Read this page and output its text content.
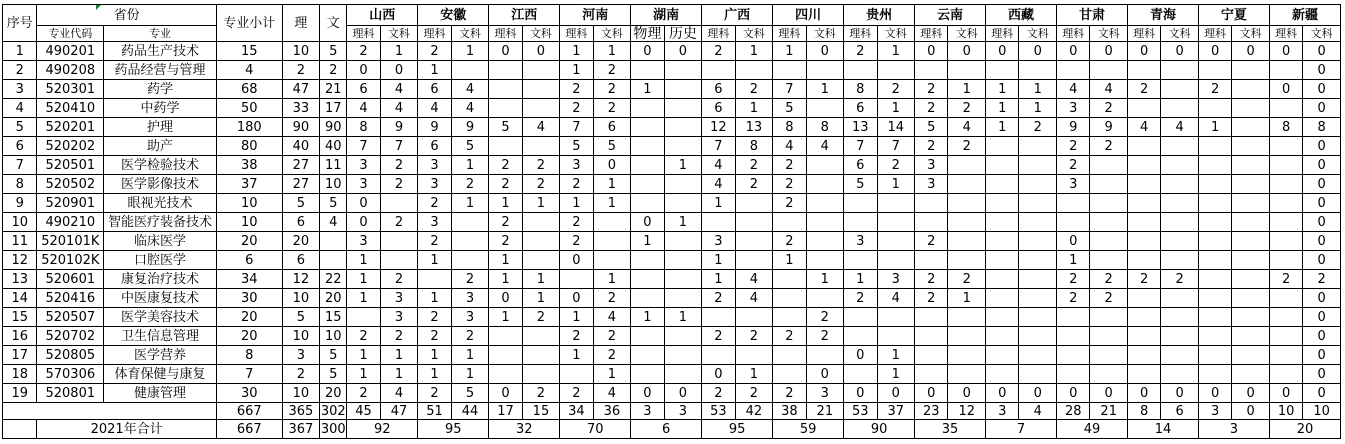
序号	省份		专业小计	理	文	山西		安徽		江西		河南		湖南		广西		四川		贵州		云南		西藏		甘肃		青海		宁夏		新疆	
	专业代码	专业				理科	文科	理科	文科	理科	文科	理科	文科	物理	历史	理科	文科	理科	文科	理科	文科	理科	文科	理科	文科	理科	文科	理科	文科	理科	文科	理科	文科
1	490201	药品生产技术	15	10	5	2	1	2	1	0	0	1	1	0	0	2	1	1	0	2	1	0	0	0	0	0	0	0	0	0	0	0	0
2	490208	药品经营与管理	4	2	2	0	0	1				1	2																				0
3	520301	药学	68	47	21	6	4	6	4			2	2	1		6	2	7	1	8	2	2	1	1	1	4	4	2		2		0	0
4	520410	中药学	50	33	17	4	4	4	4			2	2			6	1	5		6	1	2	2	1	1	3	2						0
5	520201	护理	180	90	90	8	9	9	9	5	4	7	6			12	13	8	8	13	14	5	4	1	2	9	9	4	4	1		8	8
6	520202	助产	80	40	40	7	7	6	5			5	5			7	8	4	4	7	7	2	2			2	2						0
7	520501	医学检验技术	38	27	11	3	2	3	1	2	2	3	0		1	4	2	2		6	2	3				2							0
8	520502	医学影像技术	37	27	10	3	2	3	2	2	2	2	1			4	2	2		5	1	3				3							0
9	520901	眼视光技术	10	5	5	0		2	1	1	1	1	1			1		2															0
10	490210	智能医疗装备技术	10	6	4	0	2	3		2		2		0	1																		0
11	520101K	临床医学	20	20		3		2		2		2		1		3		2		3		2				0							0
12	520102K	口腔医学	6	6		1		1		1		0				1		1								1							0
13	520601	康复治疗技术	34	12	22	1	2		2	1	1		1			1	4		1	1	3	2	2			2	2	2	2			2	2
14	520416	中医康复技术	30	10	20	1	3	1	3	0	1	0	2			2	4			2	4	2	1			2	2						0
15	520507	医学美容技术	20	5	15		3	2	3	1	2	1	4	1	1				2														0
16	520702	卫生信息管理	20	10	10	2	2	2	2			2	2			2	2	2	2														0
17	520805	医学营养	8	3	5	1	1	1	1			1	2							0	1												0
18	570306	体育保健与康复	7	2	5	1	1	1	1				1			0	1		0		1												0
19	520801	健康管理	30	10	20	2	4	2	5	0	2	2	4	0	0	2	2	2	3	0	0	0	0	0	0	0	0	0	0	0	0	0	0
			667	365	302	45	47	51	44	17	15	34	36	3	3	53	42	38	21	53	37	23	12	3	4	28	21	8	6	3	0	10	10
	2021年合计		667	367	300	92		95		32		70		6		95		59		90		35		7		49		14		3		20	
